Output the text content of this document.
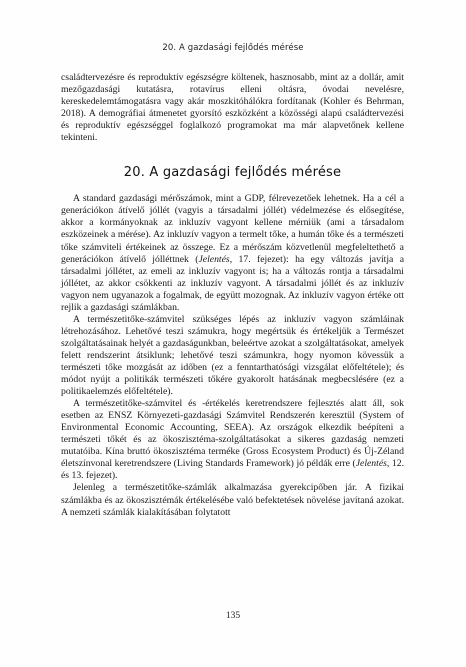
20. A gazdasági fejlődés mérése

családtervezésre és reproduktív egészségre költenek, hasznosabb, mint az a dollár, amit mezőgazdasági kutatásra, rotavírus elleni oltásra, óvodai nevelésre, kereskedelemtámogatásra vagy akár moszkitóhálókra fordítanak (Kohler és Behrman, 2018). A demográfiai átmenetet gyorsító eszközként a közösségi alapú családtervezési és reproduktív egészséggel foglalkozó programokat ma már alapvetőnek kellene tekinteni.

20. A gazdasági fejlődés mérése

A standard gazdasági mérőszámok, mint a GDP, félrevezetőek lehetnek. Ha a cél a generációkon átívelő jóllét (vagyis a társadalmi jóllét) védelmezése és elősegítése, akkor a kormányoknak az inkluzív vagyont kellene mérniük (ami a társadalom eszközeinek a mérése). Az inkluzív vagyon a termelt tőke, a humán tőke és a természeti tőke számviteli értékeinek az összege. Ez a mérőszám közvetlenül megfeleltethető a generációkon átívelő jólléttnek (Jelentés, 17. fejezet): ha egy változás javítja a társadalmi jóllétet, az emeli az inkluzív vagyont is; ha a változás rontja a társadalmi jóllétet, az akkor csökkenti az inkluzív vagyont. A társadalmi jóllét és az inkluzív vagyon nem ugyanazok a fogalmak, de együtt mozognak. Az inkluzív vagyon értéke ott rejlik a gazdasági számlákban.

A természetitőke-számvitel szükséges lépés az inkluzív vagyon számláinak létrehozásához. Lehetővé teszi számukra, hogy megértsük és értékeljük a Természet szolgáltatásainak helyét a gazdaságunkban, beleértve azokat a szolgáltatásokat, amelyek felett rendszerint átsiklunk; lehetővé teszi számunkra, hogy nyomon kövessük a természeti tőke mozgását az időben (ez a fenntarthatósági vizsgálat előfeltétele); és módot nyújt a politikák természeti tőkére gyakorolt hatásának megbecslésére (ez a politikaelemzés előfeltétele).

A természetitőke-számvitel és -értékelés keretrendszere fejlesztés alatt áll, sok esetben az ENSZ Környezeti-gazdasági Számvitel Rendszerén keresztül (System of Environmental Economic Accounting, SEEA). Az országok elkezdik beépíteni a természeti tőkét és az ökoszisztéma-szolgáltatásokat a sikeres gazdaság nemzeti mutatóiba. Kína bruttó ökoszisztéma terméke (Gross Ecosystem Product) és Új-Zéland életszínvonal keretrendszere (Living Standards Framework) jó példák erre (Jelentés, 12. és 13. fejezet).

Jelenleg a természetitőke-számlák alkalmazása gyerekcipőben jár. A fizikai számlákba és az ökoszisztémák értékelésébe való befektetések növelése javítaná azokat. A nemzeti számlák kialakításában folytatott

135
